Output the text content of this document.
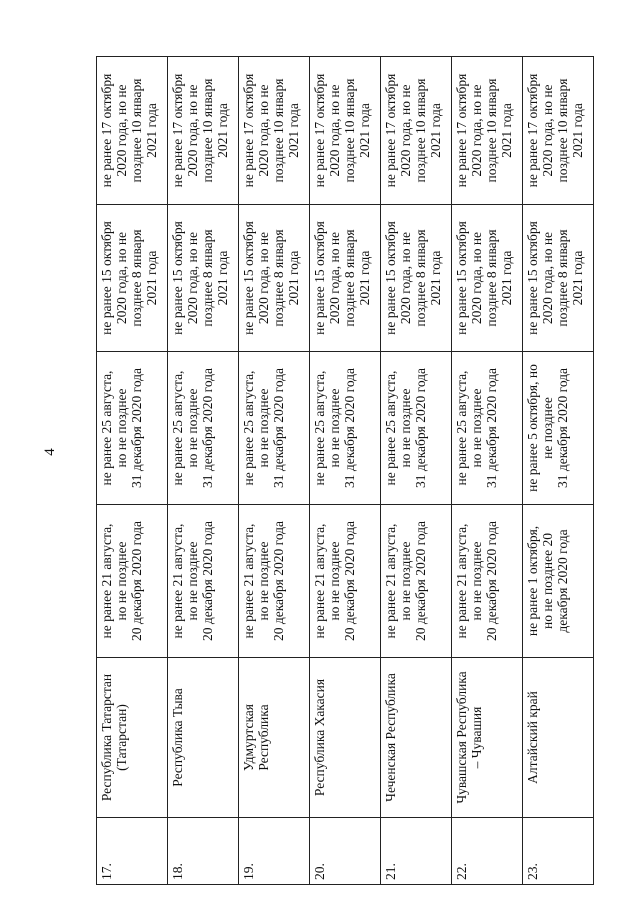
4
17.	Республика Татарстан
(Татарстан)	не ранее 21 августа,
но не позднее
20 декабря 2020 года	не ранее 25 августа,
но не позднее
31 декабря 2020 года	не ранее 15 октября
2020 года, но не
позднее 8 января
2021 года	не ранее 17 октября
2020 года, но не
позднее 10 января
2021 года
18.	Республика Тыва	не ранее 21 августа,
но не позднее
20 декабря 2020 года	не ранее 25 августа,
но не позднее
31 декабря 2020 года	не ранее 15 октября
2020 года, но не
позднее 8 января
2021 года	не ранее 17 октября
2020 года, но не
позднее 10 января
2021 года
19.	Удмуртская
Республика	не ранее 21 августа,
но не позднее
20 декабря 2020 года	не ранее 25 августа,
но не позднее
31 декабря 2020 года	не ранее 15 октября
2020 года, но не
позднее 8 января
2021 года	не ранее 17 октября
2020 года, но не
позднее 10 января
2021 года
20.	Республика Хакасия	не ранее 21 августа,
но не позднее
20 декабря 2020 года	не ранее 25 августа,
но не позднее
31 декабря 2020 года	не ранее 15 октября
2020 года, но не
позднее 8 января
2021 года	не ранее 17 октября
2020 года, но не
позднее 10 января
2021 года
21.	Чеченская Республика	не ранее 21 августа,
но не позднее
20 декабря 2020 года	не ранее 25 августа,
но не позднее
31 декабря 2020 года	не ранее 15 октября
2020 года, но не
позднее 8 января
2021 года	не ранее 17 октября
2020 года, но не
позднее 10 января
2021 года
22.	Чувашская Республика
– Чувашия	не ранее 21 августа,
но не позднее
20 декабря 2020 года	не ранее 25 августа,
но не позднее
31 декабря 2020 года	не ранее 15 октября
2020 года, но не
позднее 8 января
2021 года	не ранее 17 октября
2020 года, но не
позднее 10 января
2021 года
23.	Алтайский край	не ранее 1 октября,
но не позднее 20
декабря 2020 года	не ранее 5 октября, но
не позднее
31 декабря 2020 года	не ранее 15 октября
2020 года, но не
позднее 8 января
2021 года	не ранее 17 октября
2020 года, но не
позднее 10 января
2021 года
